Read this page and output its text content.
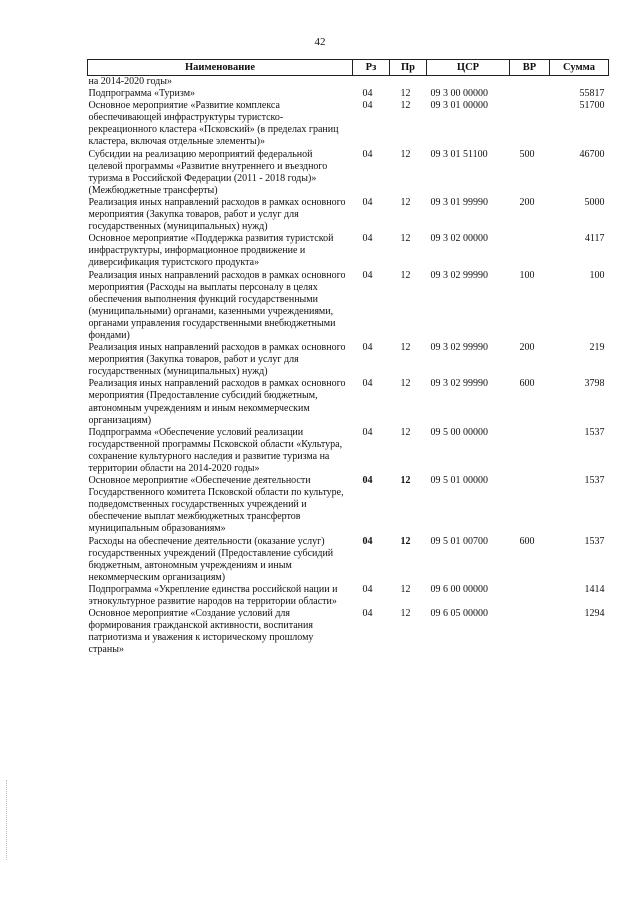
42
Наименование	Рз	Пр	ЦСР	ВР	Сумма
на 2014-2020 годы»					
Подпрограмма «Туризм»	04	12	09 3 00 00000		55817
Основное мероприятие «Развитие комплекса обеспечивающей инфраструктуры туристско-рекреационного кластера «Псковский» (в пределах границ кластера, включая отдельные элементы)»	04	12	09 3 01 00000		51700
Субсидии на реализацию мероприятий федеральной целевой программы «Развитие внутреннего и въездного туризма в Российской Федерации (2011 - 2018 годы)» (Межбюджетные трансферты)	04	12	09 3 01 51100	500	46700
Реализация иных направлений расходов в рамках основного мероприятия (Закупка товаров, работ и услуг для государственных (муниципальных) нужд)	04	12	09 3 01 99990	200	5000
Основное мероприятие «Поддержка развития туристской инфраструктуры, информационное продвижение и диверсификация туристского продукта»	04	12	09 3 02 00000		4117
Реализация иных направлений расходов в рамках основного мероприятия (Расходы на выплаты персоналу в целях обеспечения выполнения функций государственными (муниципальными) органами, казенными учреждениями, органами управления государственными внебюджетными фондами)	04	12	09 3 02 99990	100	100
Реализация иных направлений расходов в рамках основного мероприятия (Закупка товаров, работ и услуг для государственных (муниципальных) нужд)	04	12	09 3 02 99990	200	219
Реализация иных направлений расходов в рамках основного мероприятия (Предоставление субсидий бюджетным, автономным учреждениям и иным некоммерческим организациям)	04	12	09 3 02 99990	600	3798
Подпрограмма «Обеспечение условий реализации государственной программы Псковской области «Культура, сохранение культурного наследия и развитие туризма на территории области на 2014-2020 годы»	04	12	09 5 00 00000		1537
Основное мероприятие «Обеспечение деятельности Государственного комитета Псковской области по культуре, подведомственных государственных учреждений и обеспечение выплат межбюджетных трансфертов муниципальным образованиям»	04	12	09 5 01 00000		1537
Расходы на обеспечение деятельности (оказание услуг) государственных учреждений (Предоставление субсидий бюджетным, автономным учреждениям и иным некоммерческим организациям)	04	12	09 5 01 00700	600	1537
Подпрограмма «Укрепление единства российской нации и этнокультурное развитие народов на территории области»	04	12	09 6 00 00000		1414
Основное мероприятие «Создание условий для формирования гражданской активности, воспитания патриотизма и уважения к историческому прошлому страны»	04	12	09 6 05 00000		1294
